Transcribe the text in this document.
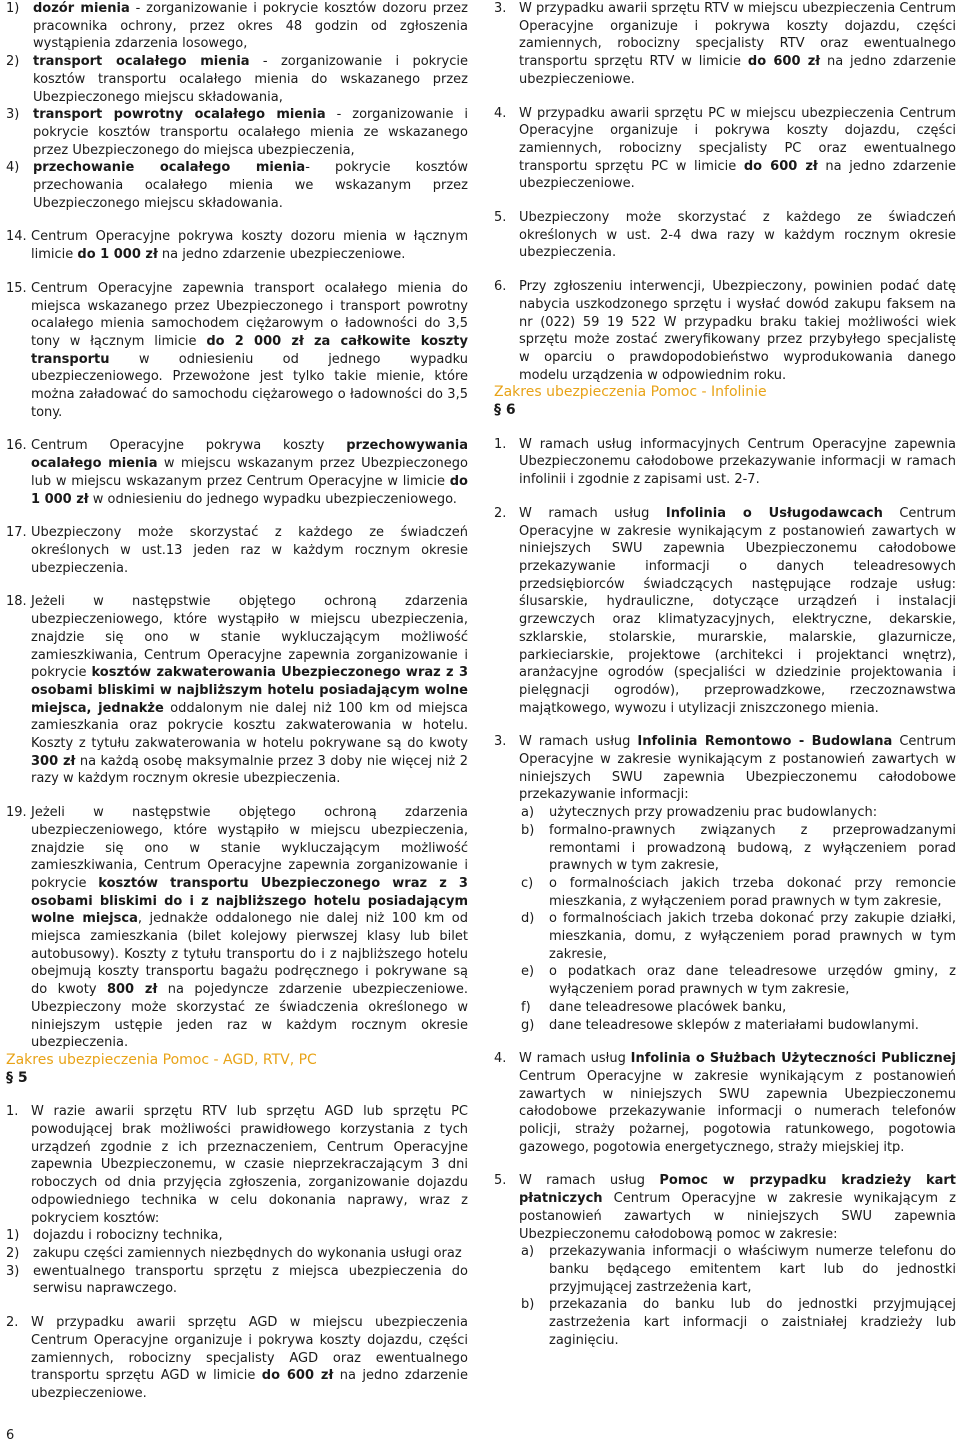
1)	dozór mienia - zorganizowanie i pokrycie kosztów dozoru przez pracownika ochrony, przez okres 48 godzin od zgłoszenia wystąpienia zdarzenia losowego,
2)	transport ocalałego mienia - zorganizowanie i pokrycie kosztów transportu ocalałego mienia do wskazanego przez Ubezpieczonego miejscu składowania,
3)	transport powrotny ocalałego mienia - zorganizowanie i pokrycie kosztów transportu ocalałego mienia ze wskazanego przez Ubezpieczonego do miejsca ubezpieczenia,
4)	przechowanie ocalałego mienia- pokrycie kosztów przechowania ocalałego mienia we wskazanym przez Ubezpieczonego miejscu składowania.
14. Centrum Operacyjne pokrywa koszty dozoru mienia w łącznym limicie do 1 000 zł na jedno zdarzenie ubezpieczeniowe.
15. Centrum Operacyjne zapewnia transport ocalałego mienia do miejsca wskazanego przez Ubezpieczonego i transport powrotny ocalałego mienia samochodem ciężarowym o ładowności do 3,5 tony w łącznym limicie do 2 000 zł za całkowite koszty transportu w odniesieniu od jednego wypadku ubezpieczeniowego. Przewożone jest tylko takie mienie, które można załadować do samochodu ciężarowego o ładowności do 3,5 tony.
16. Centrum Operacyjne pokrywa koszty przechowywania ocalałego mienia w miejscu wskazanym przez Ubezpieczonego lub w miejscu wskazanym przez Centrum Operacyjne w limicie do 1 000 zł w odniesieniu do jednego wypadku ubezpieczeniowego.
17. Ubezpieczony może skorzystać z każdego ze świadczeń określonych w ust.13 jeden raz w każdym rocznym okresie ubezpieczenia.
18. Jeżeli w następstwie objętego ochroną zdarzenia ubezpieczeniowego, które wystąpiło w miejscu ubezpieczenia, znajdzie się ono w stanie wykluczającym możliwość zamieszkiwania, Centrum Operacyjne zapewnia zorganizowanie i pokrycie kosztów zakwaterowania Ubezpieczonego wraz z 3 osobami bliskimi w najbliższym hotelu posiadającym wolne miejsca, jednakże oddalonym nie dalej niż 100 km od miejsca zamieszkania oraz pokrycie kosztu zakwaterowania w hotelu. Koszty z tytułu zakwaterowania w hotelu pokrywane są do kwoty 300 zł na każdą osobę maksymalnie przez 3 doby nie więcej niż 2 razy w każdym rocznym okresie ubezpieczenia.
19. Jeżeli w następstwie objętego ochroną zdarzenia ubezpieczeniowego, które wystąpiło w miejscu ubezpieczenia, znajdzie się ono w stanie wykluczającym możliwość zamieszkiwania, Centrum Operacyjne zapewnia zorganizowanie i pokrycie kosztów transportu Ubezpieczonego wraz z 3 osobami bliskimi do i z najbliższego hotelu posiadającym wolne miejsca, jednakże oddalonego nie dalej niż 100 km od miejsca zamieszkania (bilet kolejowy pierwszej klasy lub bilet autobusowy). Koszty z tytułu transportu do i z najbliższego hotelu obejmują koszty transportu bagażu podręcznego i pokrywane są do kwoty 800 zł na pojedyncze zdarzenie ubezpieczeniowe. Ubezpieczony może skorzystać ze świadczenia określonego w niniejszym ustępie jeden raz w każdym rocznym okresie ubezpieczenia.

Zakres ubezpieczenia Pomoc - AGD, RTV, PC

§ 5

1. W razie awarii sprzętu RTV lub sprzętu AGD lub sprzętu PC powodującej brak możliwości prawidłowego korzystania z tych urządzeń zgodnie z ich przeznaczeniem, Centrum Operacyjne zapewnia Ubezpieczonemu, w czasie nieprzekraczającym 3 dni roboczych od dnia przyjęcia zgłoszenia, zorganizowanie dojazdu odpowiedniego technika w celu dokonania naprawy, wraz z pokryciem kosztów:
1)	dojazdu i robocizny technika,
2)	zakupu części zamiennych niezbędnych do wykonania usługi oraz
3)	ewentualnego transportu sprzętu z miejsca ubezpieczenia do serwisu naprawczego.
2. W przypadku awarii sprzętu AGD w miejscu ubezpieczenia Centrum Operacyjne organizuje i pokrywa koszty dojazdu, części zamiennych, robocizny specjalisty AGD oraz ewentualnego transportu sprzętu AGD w limicie do 600 zł na jedno zdarzenie ubezpieczeniowe.
3. W przypadku awarii sprzętu RTV w miejscu ubezpieczenia Centrum Operacyjne organizuje i pokrywa koszty dojazdu, części zamiennych, robocizny specjalisty RTV oraz ewentualnego transportu sprzętu RTV w limicie do 600 zł na jedno zdarzenie ubezpieczeniowe.
4. W przypadku awarii sprzętu PC w miejscu ubezpieczenia Centrum Operacyjne organizuje i pokrywa koszty dojazdu, części zamiennych, robocizny specjalisty PC oraz ewentualnego transportu sprzętu PC w limicie do 600 zł na jedno zdarzenie ubezpieczeniowe.
5. Ubezpieczony może skorzystać z każdego ze świadczeń określonych w ust. 2-4 dwa razy w każdym rocznym okresie ubezpieczenia.
6. Przy zgłoszeniu interwencji, Ubezpieczony, powinien podać datę nabycia uszkodzonego sprzętu i wysłać dowód zakupu faksem na nr (022) 59 19 522 W przypadku braku takiej możliwości wiek sprzętu może zostać zweryfikowany przez przybyłego specjalistę w oparciu o prawdopodobieństwo wyprodukowania danego modelu urządzenia w odpowiednim roku.

Zakres ubezpieczenia Pomoc - Infolinie

§ 6

1. W ramach usług informacyjnych Centrum Operacyjne zapewnia Ubezpieczonemu całodobowe przekazywanie informacji w ramach infolinii i zgodnie z zapisami ust. 2-7.
2. W ramach usług Infolinia o Usługodawcach Centrum Operacyjne w zakresie wynikającym z postanowień zawartych w niniejszych SWU zapewnia Ubezpieczonemu całodobowe przekazywanie informacji o danych teleadresowych przedsiębiorców świadczących następujące rodzaje usług: ślusarskie, hydrauliczne, dotyczące urządzeń i instalacji grzewczych oraz klimatyzacyjnych, elektryczne, dekarskie, szklarskie, stolarskie, murarskie, malarskie, glazurnicze, parkieciarskie, projektowe (architekci i projektanci wnętrz), aranżacyjne ogrodów (specjaliści w dziedzinie projektowania i pielęgnacji ogrodów), przeprowadzkowe, rzeczoznawstwa majątkowego, wywozu i utylizacji zniszczonego mienia.
3. W ramach usług Infolinia Remontowo - Budowlana Centrum Operacyjne w zakresie wynikającym z postanowień zawartych w niniejszych SWU zapewnia Ubezpieczonemu całodobowe przekazywanie informacji:
a)	użytecznych przy prowadzeniu prac budowlanych:
b)	formalno-prawnych związanych z przeprowadzanymi remontami i prowadzoną budową, z wyłączeniem porad prawnych w tym zakresie,
c)	o formalnościach jakich trzeba dokonać przy remoncie mieszkania, z wyłączeniem porad prawnych w tym zakresie,
d)	o formalnościach jakich trzeba dokonać przy zakupie działki, mieszkania, domu, z wyłączeniem porad prawnych w tym zakresie,
e)	o podatkach oraz dane teleadresowe urzędów gminy, z wyłączeniem porad prawnych w tym zakresie,
f)	dane teleadresowe placówek banku,
g)	dane teleadresowe sklepów z materiałami budowlanymi.
4. W ramach usług Infolinia o Służbach Użyteczności Publicznej Centrum Operacyjne w zakresie wynikającym z postanowień zawartych w niniejszych SWU zapewnia Ubezpieczonemu całodobowe przekazywanie informacji o numerach telefonów policji, straży pożarnej, pogotowia ratunkowego, pogotowia gazowego, pogotowia energetycznego, straży miejskiej itp.
5. W ramach usług Pomoc w przypadku kradzieży kart płatniczych Centrum Operacyjne w zakresie wynikającym z postanowień zawartych w niniejszych SWU zapewnia Ubezpieczonemu całodobową pomoc w zakresie:
a)	przekazywania informacji o właściwym numerze telefonu do banku będącego emitentem kart lub do jednostki przyjmującej zastrzeżenia kart,
b)	przekazania do banku lub do jednostki przyjmującej zastrzeżenia kart informacji o zaistniałej kradzieży lub zaginięciu.
6
